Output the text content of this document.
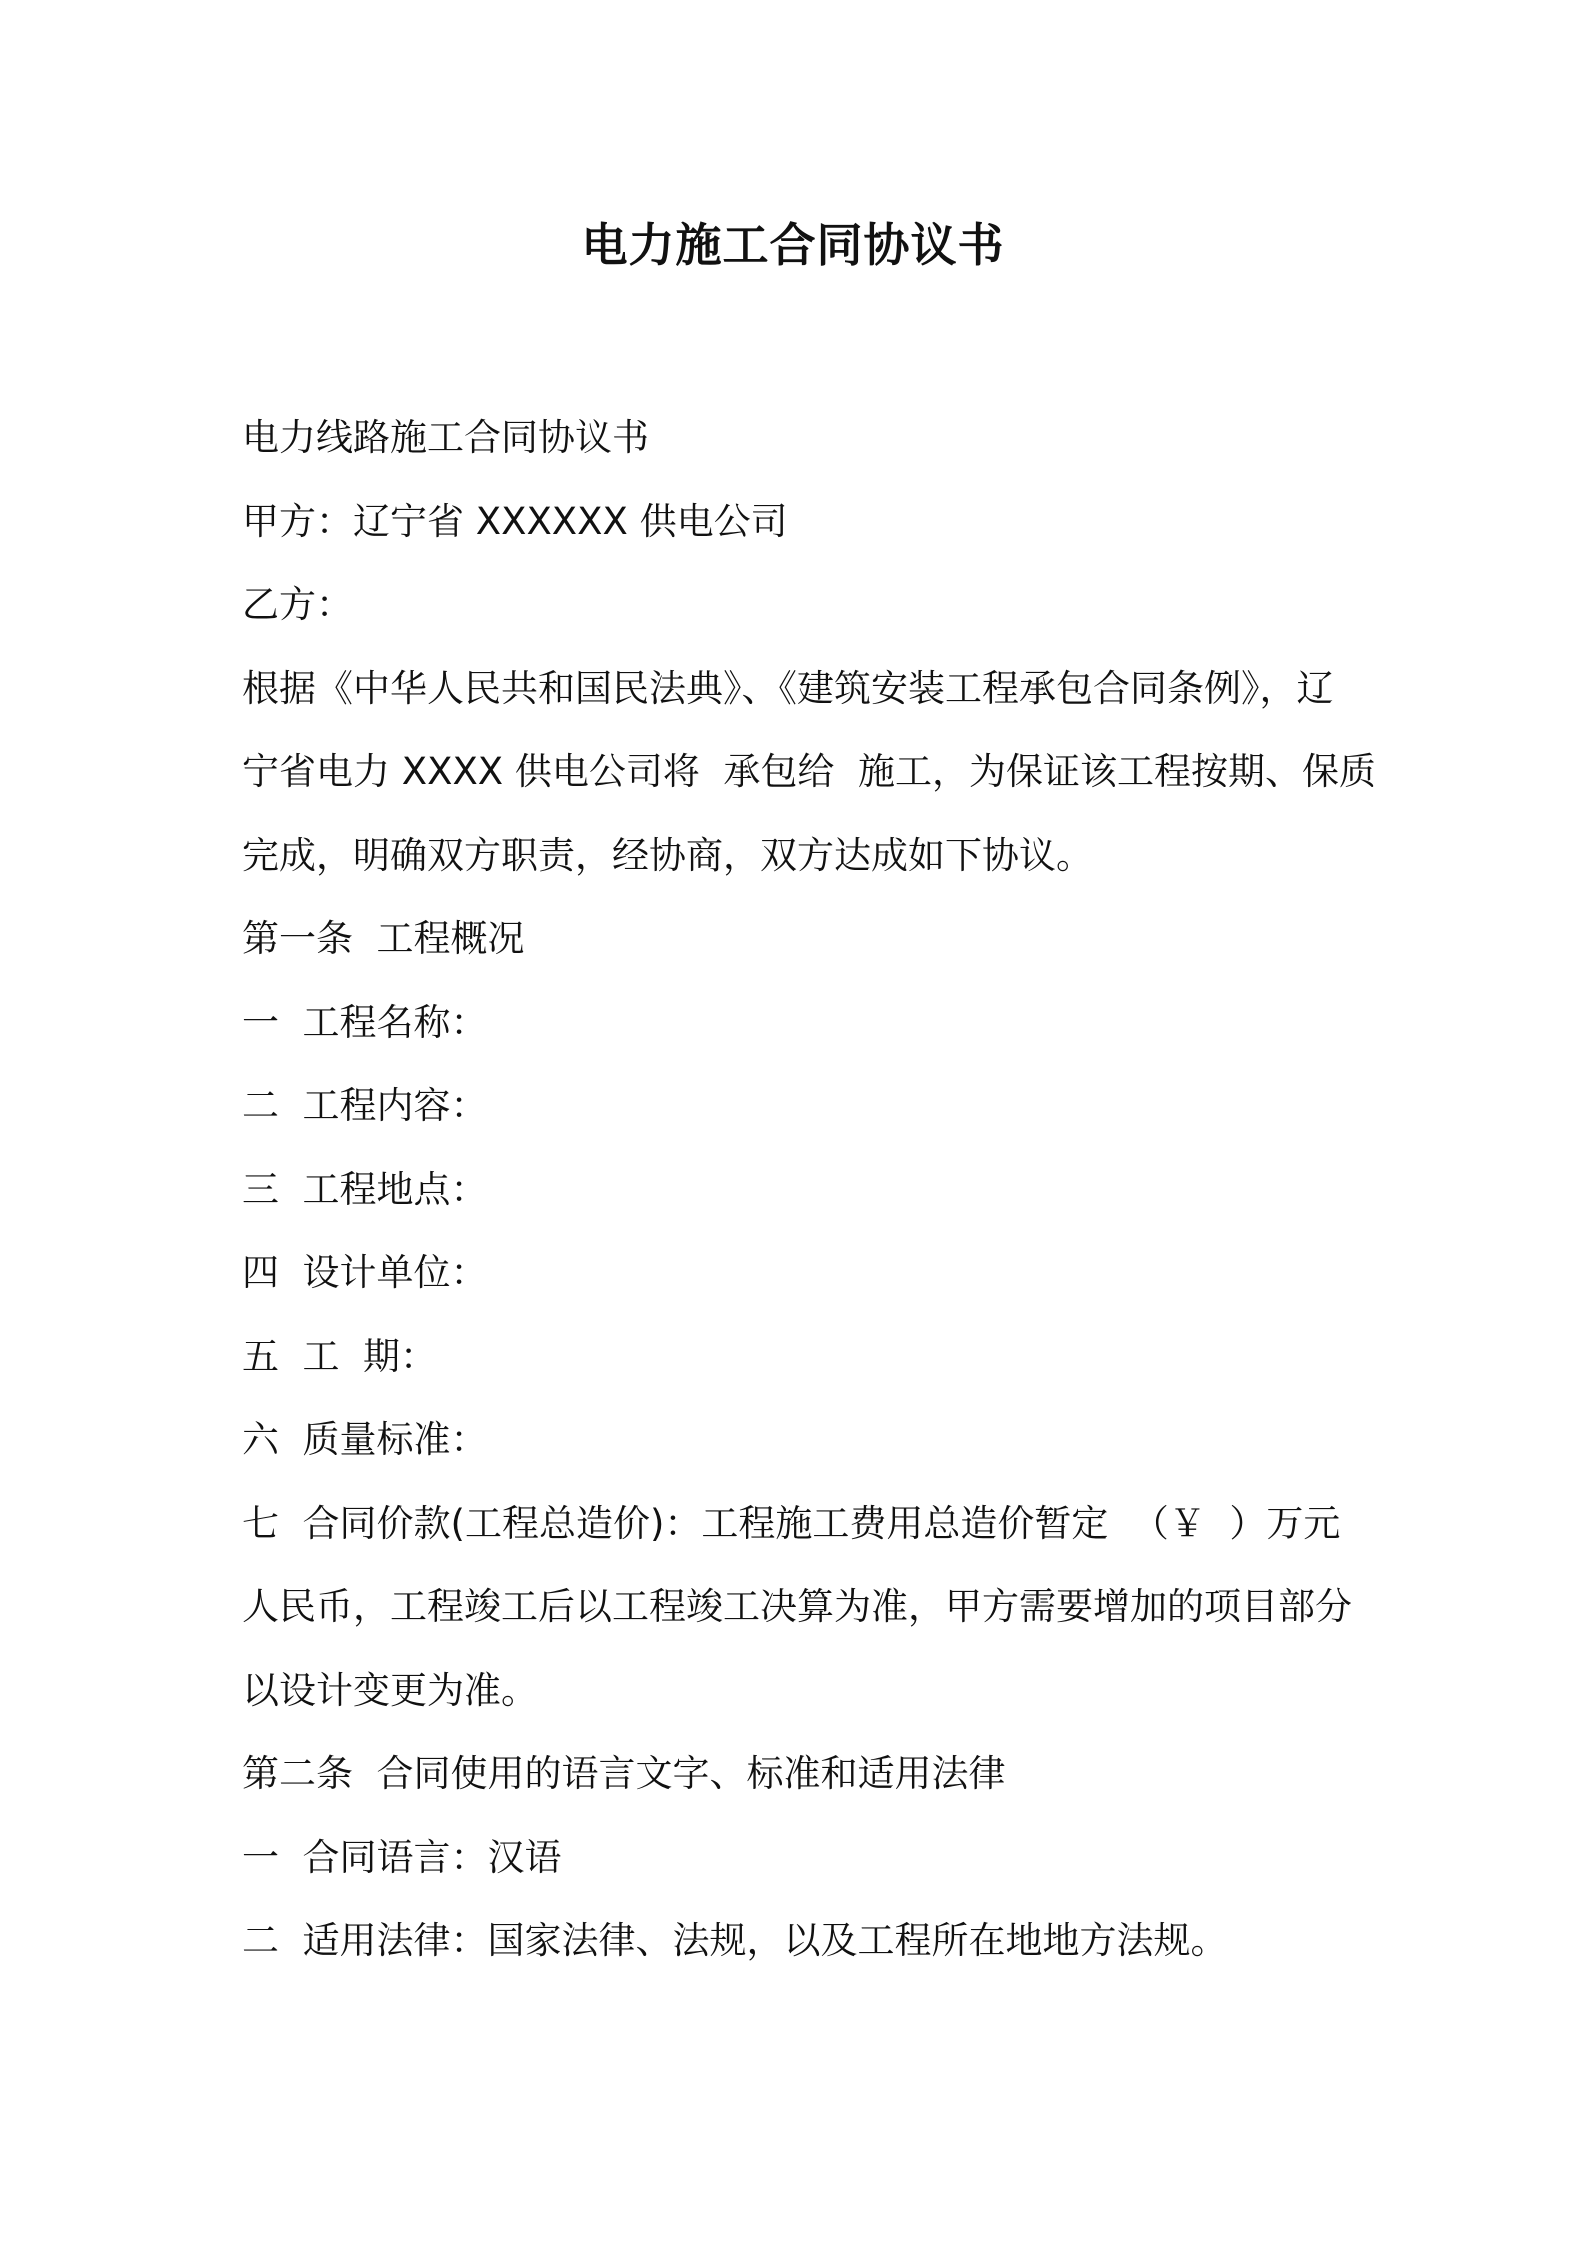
电力施工合同协议书
电力线路施工合同协议书
甲方：辽宁省 XXXXXX 供电公司
乙方：
根据《中华人民共和国民法典》、《建筑安装工程承包合同条例》，辽
宁省电力 XXXX 供电公司将  承包给  施工，为保证该工程按期、保质
完成，明确双方职责，经协商，双方达成如下协议。
第一条  工程概况
一  工程名称：
二  工程内容：
三  工程地点：
四  设计单位：
五  工  期：
六  质量标准：
七  合同价款(工程总造价)：工程施工费用总造价暂定  （￥  ）万元
人民币，工程竣工后以工程竣工决算为准，甲方需要增加的项目部分
以设计变更为准。
第二条  合同使用的语言文字、标准和适用法律
一  合同语言：汉语
二  适用法律：国家法律、法规，以及工程所在地地方法规。
